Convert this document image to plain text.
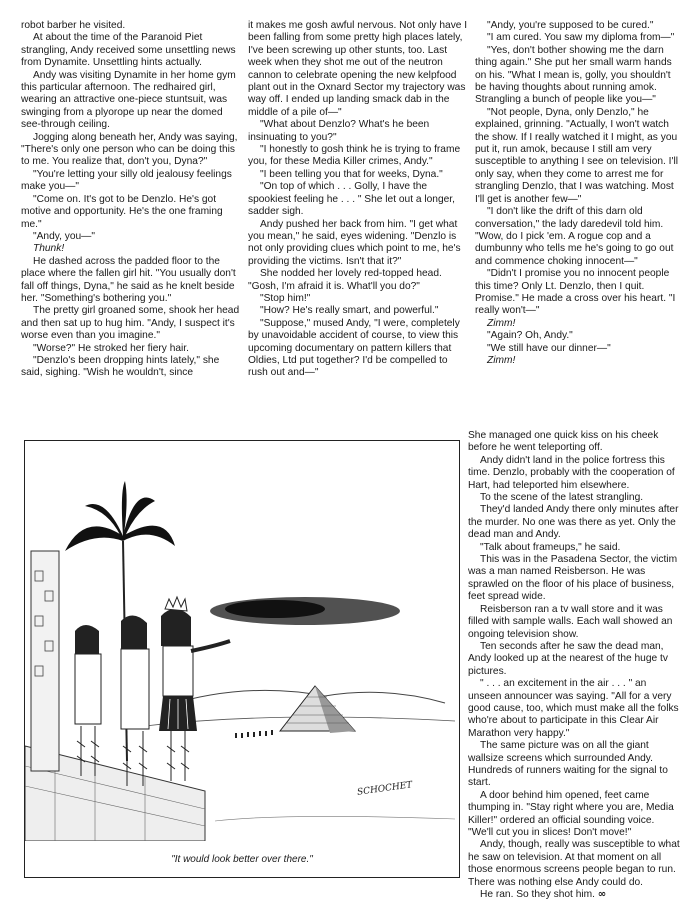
robot barber he visited.

At about the time of the Paranoid Piet strangling, Andy received some unsettling news from Dynamite. Unsettling hints actually.

Andy was visiting Dynamite in her home gym this particular afternoon. The redhaired girl, wearing an attractive one-piece stuntsuit, was swinging from a plyorope up near the domed see-through ceiling.

Jogging along beneath her, Andy was saying, "There's only one person who can be doing this to me. You realize that, don't you, Dyna?"

"You're letting your silly old jealousy feelings make you—"

"Come on. It's got to be Denzlo. He's got motive and opportunity. He's the one framing me."

"Andy, you—"

Thunk!

He dashed across the padded floor to the place where the fallen girl hit. "You usually don't fall off things, Dyna," he said as he knelt beside her. "Something's bothering you."

The pretty girl groaned some, shook her head and then sat up to hug him. "Andy, I suspect it's worse even than you imagine."

"Worse?" He stroked her fiery hair.

"Denzlo's been dropping hints lately," she said, sighing. "Wish he wouldn't, since

it makes me gosh awful nervous. Not only have I been falling from some pretty high places lately, I've been screwing up other stunts, too. Last week when they shot me out of the neutron cannon to celebrate opening the new kelpfood plant out in the Oxnard Sector my trajectory was way off. I ended up landing smack dab in the middle of a pile of—"

"What about Denzlo? What's he been insinuating to you?"

"I honestly to gosh think he is trying to frame you, for these Media Killer crimes, Andy."

"I been telling you that for weeks, Dyna."

"On top of which . . . Golly, I have the spookiest feeling he . . . " She let out a longer, sadder sigh.

Andy pushed her back from him. "I get what you mean," he said, eyes widening. "Denzlo is not only providing clues which point to me, he's providing the victims. Isn't that it?"

She nodded her lovely red-topped head. "Gosh, I'm afraid it is. What'll you do?"

"Stop him!"

"How? He's really smart, and powerful."

"Suppose," mused Andy, "I were, completely by unavoidable accident of course, to view this upcoming documentary on pattern killers that Oldies, Ltd put together? I'd be compelled to rush out and—"

"Andy, you're supposed to be cured."

"I am cured. You saw my diploma from—"

"Yes, don't bother showing me the darn thing again." She put her small warm hands on his. "What I mean is, golly, you shouldn't be having thoughts about running amok. Strangling a bunch of people like you—"

"Not people, Dyna, only Denzlo," he explained, grinning. "Actually, I won't watch the show. If I really watched it I might, as you put it, run amok, because I still am very susceptible to anything I see on television. I'll only say, when they come to arrest me for strangling Denzlo, that I was watching. Most I'll get is another few—"

"I don't like the drift of this darn old conversation," the lady daredevil told him. "Wow, do I pick 'em. A rogue cop and a dumbunny who tells me he's going to go out and commence choking innocent—"

"Didn't I promise you no innocent people this time? Only Lt. Denzlo, then I quit. Promise." He made a cross over his heart. "I really won't—"

Zimm!

"Again? Oh, Andy."

"We still have our dinner—"

Zimm!

She managed one quick kiss on his cheek before he went teleporting off.

Andy didn't land in the police fortress this time. Denzlo, probably with the cooperation of Hart, had teleported him elsewhere.

To the scene of the latest strangling.

They'd landed Andy there only minutes after the murder. No one was there as yet. Only the dead man and Andy.

"Talk about frameups," he said.

This was in the Pasadena Sector, the victim was a man named Reisberson. He was sprawled on the floor of his place of business, feet spread wide.

Reisberson ran a tv wall store and it was filled with sample walls. Each wall showed an ongoing television show.

Ten seconds after he saw the dead man, Andy looked up at the nearest of the huge tv pictures.

" . . . an excitement in the air . . . " an unseen announcer was saying. "All for a very good cause, too, which must make all the folks who're about to participate in this Clear Air Marathon very happy."

The same picture was on all the giant wallsize screens which surrounded Andy. Hundreds of runners waiting for the signal to start.

A door behind him opened, feet came thumping in. "Stay right where you are, Media Killer!" ordered an official sounding voice. "We'll cut you in slices! Don't move!"

Andy, though, really was susceptible to what he saw on television. At that moment on all those enormous screens people began to run. There was nothing else Andy could do.

He ran. So they shot him. ∞

SCHOCHET
"It would look better over there."
